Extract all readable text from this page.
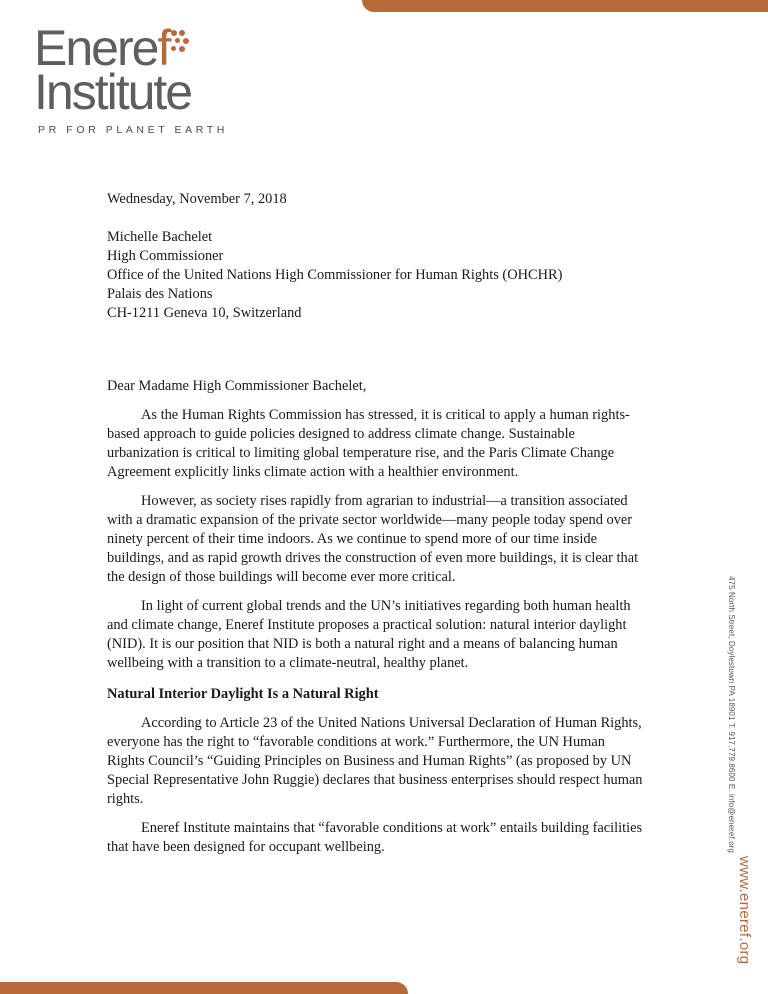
Eneref
Institute
PR FOR PLANET EARTH

Wednesday, November 7, 2018

Michelle Bachelet

High Commissioner

Office of the United Nations High Commissioner for Human Rights (OHCHR)

Palais des Nations

CH-1211 Geneva 10, Switzerland

Dear Madame High Commissioner Bachelet,

As the Human Rights Commission has stressed, it is critical to apply a human rights-based approach to guide policies designed to address climate change. Sustainable urbanization is critical to limiting global temperature rise, and the Paris Climate Change Agreement explicitly links climate action with a healthier environment.

However, as society rises rapidly from agrarian to industrial—a transition associated with a dramatic expansion of the private sector worldwide—many people today spend over ninety percent of their time indoors. As we continue to spend more of our time inside buildings, and as rapid growth drives the construction of even more buildings, it is clear that the design of those buildings will become ever more critical.

In light of current global trends and the UN’s initiatives regarding both human health and climate change, Eneref Institute proposes a practical solution: natural interior daylight (NID). It is our position that NID is both a natural right and a means of balancing human wellbeing with a transition to a climate-neutral, healthy planet.

Natural Interior Daylight Is a Natural Right

According to Article 23 of the United Nations Universal Declaration of Human Rights, everyone has the right to “favorable conditions at work.” Furthermore, the UN Human Rights Council’s “Guiding Principles on Business and Human Rights” (as proposed by UN Special Representative John Ruggie) declares that business enterprises should respect human rights.

Eneref Institute maintains that “favorable conditions at work” entails building facilities that have been designed for occupant wellbeing.	475 North Street, Doylestown PA 18901 T. 917.779.8600 E. info@eneref.org
www.eneref.org
